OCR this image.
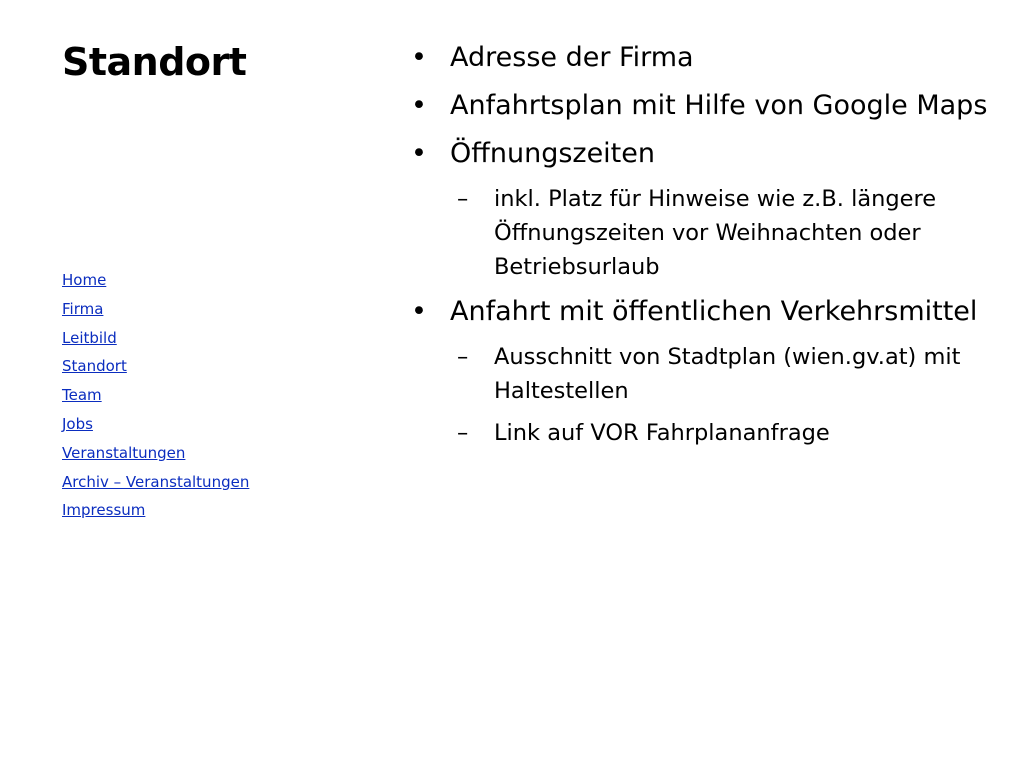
Standort
Home
Firma
Leitbild
Standort
Team
Jobs
Veranstaltungen
Archiv – Veranstaltungen
Impressum
• Adresse der Firma
• Anfahrtsplan mit Hilfe von Google Maps
• Öffnungszeiten
– inkl. Platz für Hinweise wie z.B. längere Öffnungszeiten vor Weihnachten oder Betriebsurlaub
• Anfahrt mit öffentlichen Verkehrsmittel
– Ausschnitt von Stadtplan (wien.gv.at) mit Haltestellen
– Link auf VOR Fahrplananfrage
